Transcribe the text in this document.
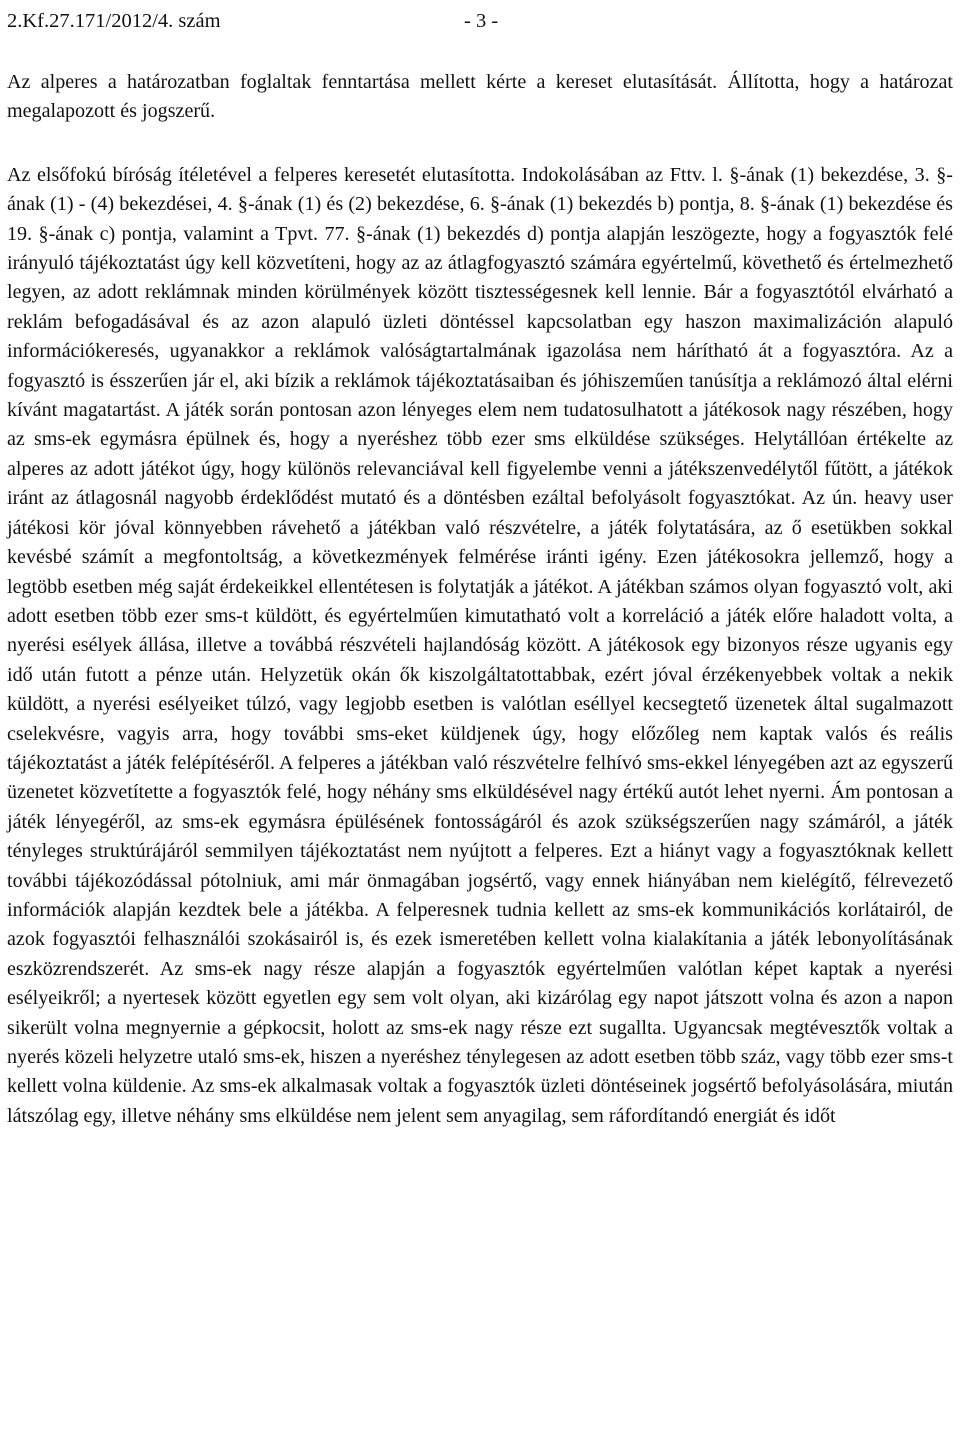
2.Kf.27.171/2012/4. szám	- 3 -

Az alperes a határozatban foglaltak fenntartása mellett kérte a kereset elutasítását. Állította, hogy a határozat megalapozott és jogszerű.

Az elsőfokú bíróság ítéletével a felperes keresetét elutasította. Indokolásában az Fttv. l. §-ának (1) bekezdése, 3. §-ának (1) - (4) bekezdései, 4. §-ának (1) és (2) bekezdése, 6. §-ának (1) bekezdés b) pontja, 8. §-ának (1) bekezdése és 19. §-ának c) pontja, valamint a Tpvt. 77. §-ának (1) bekezdés d) pontja alapján leszögezte, hogy a fogyasztók felé irányuló tájékoztatást úgy kell közvetíteni, hogy az az átlagfogyasztó számára egyértelmű, követhető és értelmezhető legyen, az adott reklámnak minden körülmények között tisztességesnek kell lennie. Bár a fogyasztótól elvárható a reklám befogadásával és az azon alapuló üzleti döntéssel kapcsolatban egy haszon maximalizáción alapuló információkeresés, ugyanakkor a reklámok valóságtartalmának igazolása nem hárítható át a fogyasztóra. Az a fogyasztó is ésszerűen jár el, aki bízik a reklámok tájékoztatásaiban és jóhiszeműen tanúsítja a reklámozó által elérni kívánt magatartást. A játék során pontosan azon lényeges elem nem tudatosulhatott a játékosok nagy részében, hogy az sms-ek egymásra épülnek és, hogy a nyeréshez több ezer sms elküldése szükséges. Helytállóan értékelte az alperes az adott játékot úgy, hogy különös relevanciával kell figyelembe venni a játékszenvedélytől fűtött, a játékok iránt az átlagosnál nagyobb érdeklődést mutató és a döntésben ezáltal befolyásolt fogyasztókat. Az ún. heavy user játékosi kör jóval könnyebben rávehető a játékban való részvételre, a játék folytatására, az ő esetükben sokkal kevésbé számít a megfontoltság, a következmények felmérése iránti igény. Ezen játékosokra jellemző, hogy a legtöbb esetben még saját érdekeikkel ellentétesen is folytatják a játékot. A játékban számos olyan fogyasztó volt, aki adott esetben több ezer sms-t küldött, és egyértelműen kimutatható volt a korreláció a játék előre haladott volta, a nyerési esélyek állása, illetve a továbbá részvételi hajlandóság között. A játékosok egy bizonyos része ugyanis egy idő után futott a pénze után. Helyzetük okán ők kiszolgáltatottabbak, ezért jóval érzékenyebbek voltak a nekik küldött, a nyerési esélyeiket túlzó, vagy legjobb esetben is valótlan eséllyel kecsegtető üzenetek által sugalmazott cselekvésre, vagyis arra, hogy további sms-eket küldjenek úgy, hogy előzőleg nem kaptak valós és reális tájékoztatást a játék felépítéséről. A felperes a játékban való részvételre felhívó sms-ekkel lényegében azt az egyszerű üzenetet közvetítette a fogyasztók felé, hogy néhány sms elküldésével nagy értékű autót lehet nyerni. Ám pontosan a játék lényegéről, az sms-ek egymásra épülésének fontosságáról és azok szükségszerűen nagy számáról, a játék tényleges struktúrájáról semmilyen tájékoztatást nem nyújtott a felperes. Ezt a hiányt vagy a fogyasztóknak kellett további tájékozódással pótolniuk, ami már önmagában jogsértő, vagy ennek hiányában nem kielégítő, félrevezető információk alapján kezdtek bele a játékba. A felperesnek tudnia kellett az sms-ek kommunikációs korlátairól, de azok fogyasztói felhasználói szokásairól is, és ezek ismeretében kellett volna kialakítania a játék lebonyolításának eszközrendszerét. Az sms-ek nagy része alapján a fogyasztók egyértelműen valótlan képet kaptak a nyerési esélyeikről; a nyertesek között egyetlen egy sem volt olyan, aki kizárólag egy napot játszott volna és azon a napon sikerült volna megnyernie a gépkocsit, holott az sms-ek nagy része ezt sugallta. Ugyancsak megtévesztők voltak a nyerés közeli helyzetre utaló sms-ek, hiszen a nyeréshez ténylegesen az adott esetben több száz, vagy több ezer sms-t kellett volna küldenie. Az sms-ek alkalmasak voltak a fogyasztók üzleti döntéseinek jogsértő befolyásolására, miután látszólag egy, illetve néhány sms elküldése nem jelent sem anyagilag, sem ráfordítandó energiát és időt
